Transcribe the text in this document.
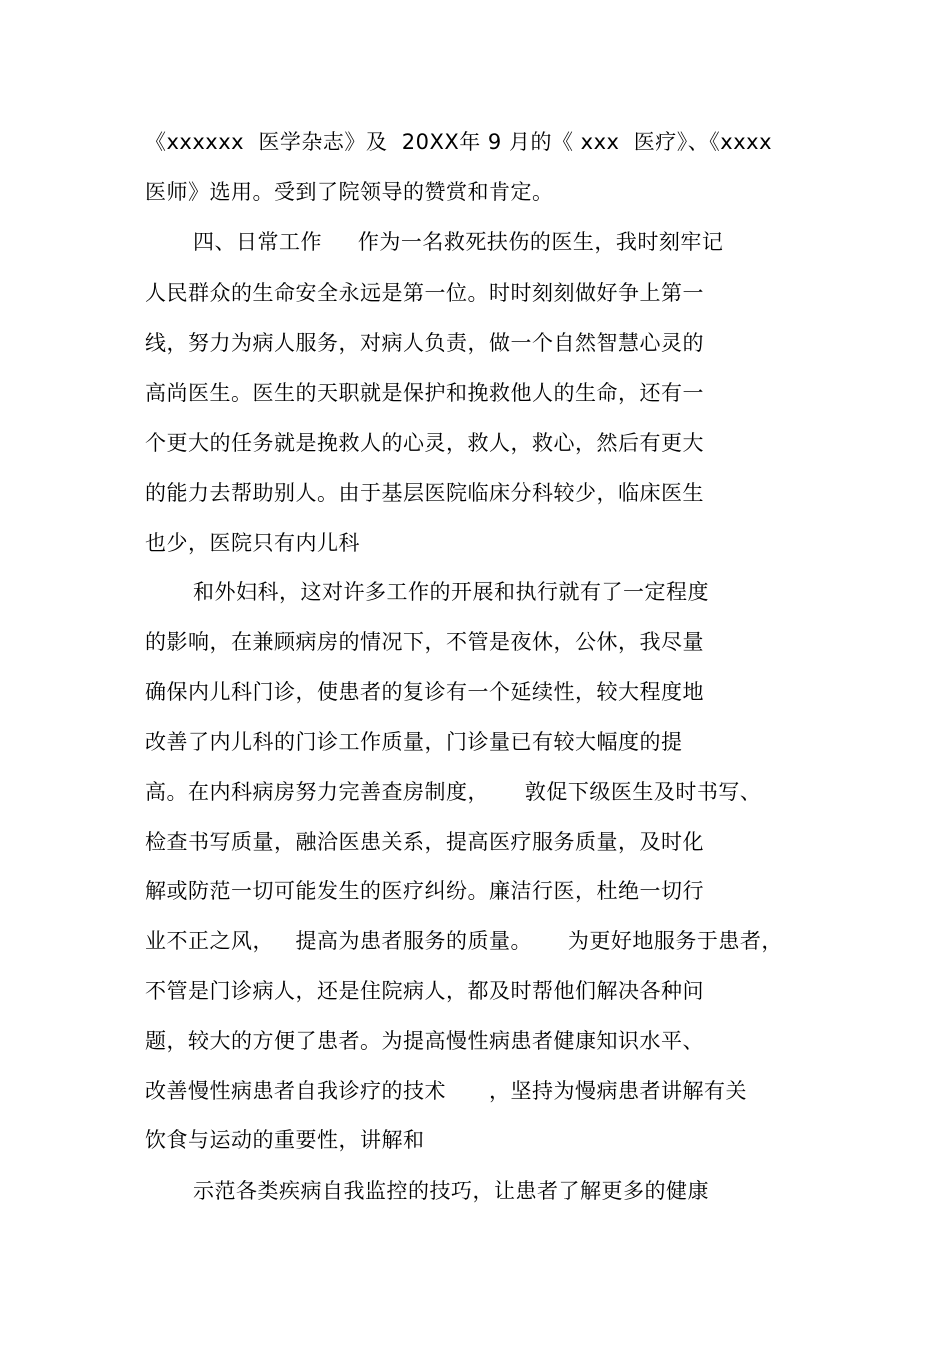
《xxxxxx  医学杂志》及  20XX年 9 月的《 xxx  医疗》、《xxxx
医师》选用。受到了院领导的赞赏和肯定。
四、日常工作     作为一名救死扶伤的医生，我时刻牢记
人民群众的生命安全永远是第一位。时时刻刻做好争上第一
线，努力为病人服务，对病人负责，做一个自然智慧心灵的
高尚医生。医生的天职就是保护和挽救他人的生命，还有一
个更大的任务就是挽救人的心灵，救人，救心，然后有更大
的能力去帮助别人。由于基层医院临床分科较少，临床医生
也少，医院只有内儿科
和外妇科，这对许多工作的开展和执行就有了一定程度
的影响，在兼顾病房的情况下，不管是夜休，公休，我尽量
确保内儿科门诊，使患者的复诊有一个延续性，较大程度地
改善了内儿科的门诊工作质量，门诊量已有较大幅度的提
高。在内科病房努力完善查房制度，     敦促下级医生及时书写、
检查书写质量，融洽医患关系，提高医疗服务质量，及时化
解或防范一切可能发生的医疗纠纷。廉洁行医，杜绝一切行
业不正之风，   提高为患者服务的质量。     为更好地服务于患者，
不管是门诊病人，还是住院病人，都及时帮他们解决各种问
题，较大的方便了患者。为提高慢性病患者健康知识水平、
改善慢性病患者自我诊疗的技术      ，坚持为慢病患者讲解有关
饮食与运动的重要性，讲解和
示范各类疾病自我监控的技巧，让患者了解更多的健康
